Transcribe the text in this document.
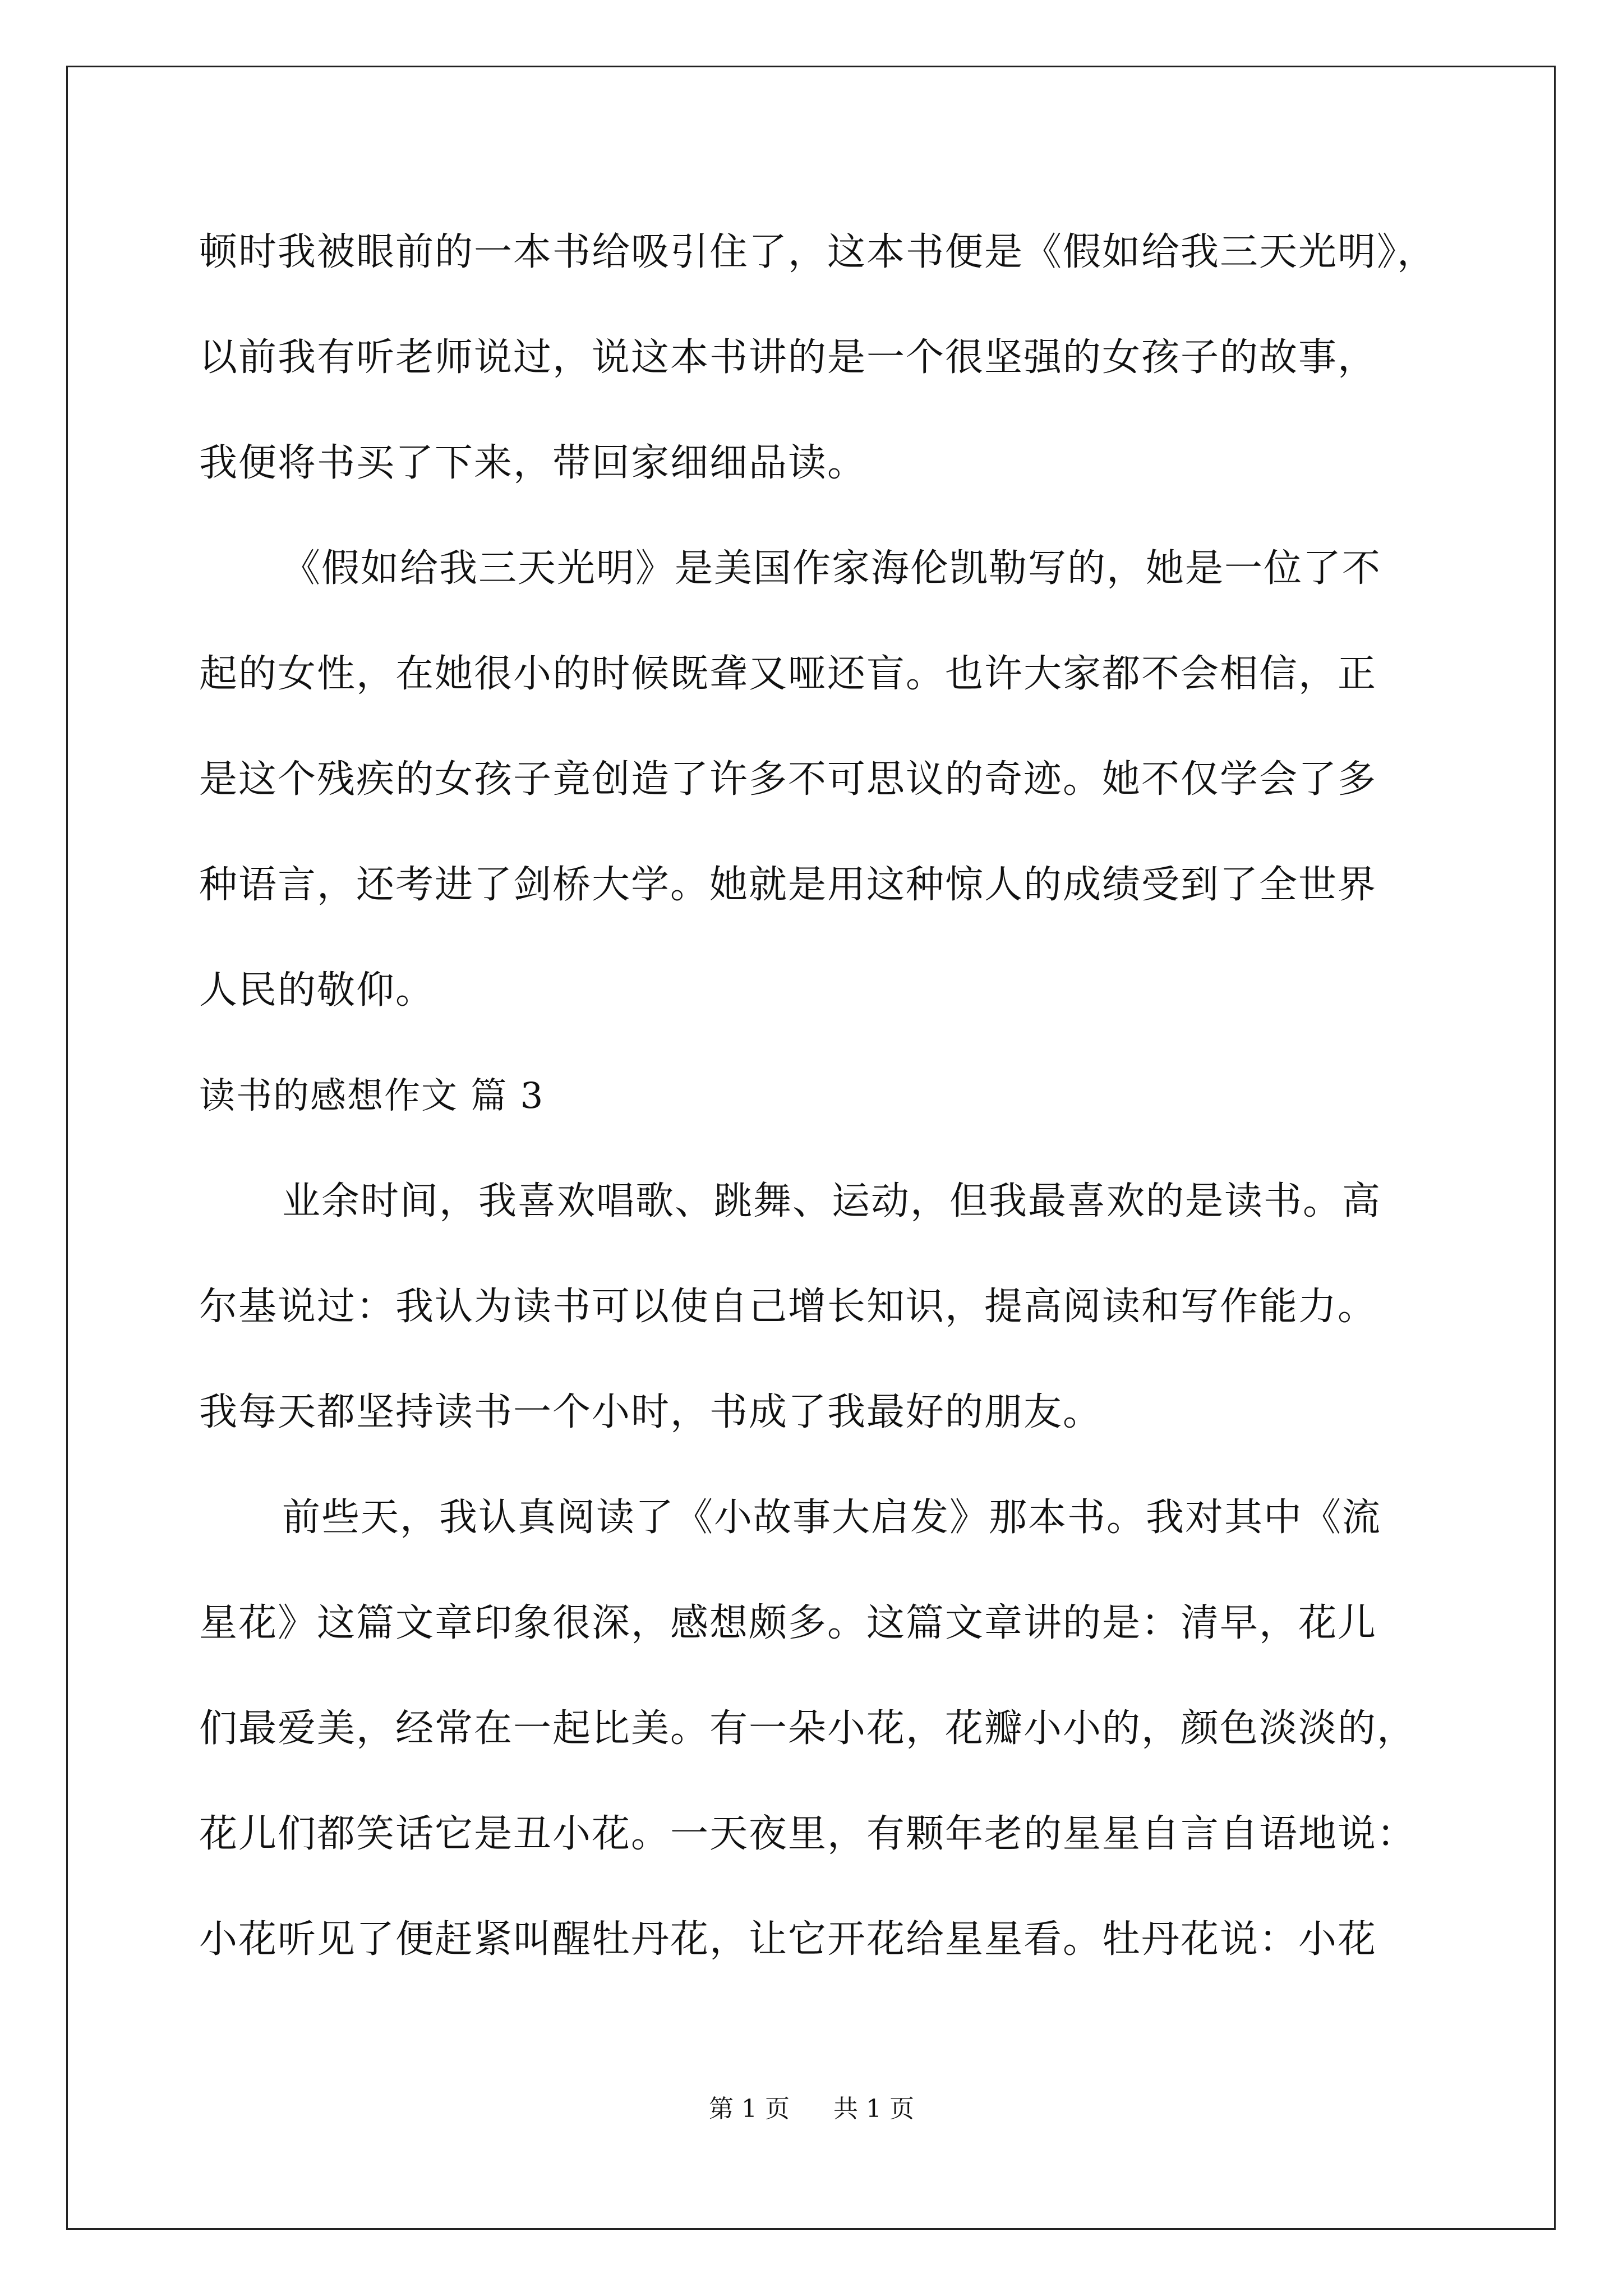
顿时我被眼前的一本书给吸引住了，这本书便是《假如给我三天光明》，
以前我有听老师说过，说这本书讲的是一个很坚强的女孩子的故事，
我便将书买了下来，带回家细细品读。
《假如给我三天光明》是美国作家海伦凯勒写的，她是一位了不
起的女性，在她很小的时候既聋又哑还盲。也许大家都不会相信，正
是这个残疾的女孩子竟创造了许多不可思议的奇迹。她不仅学会了多
种语言，还考进了剑桥大学。她就是用这种惊人的成绩受到了全世界
人民的敬仰。
读书的感想作文 篇 3
业余时间，我喜欢唱歌、跳舞、运动，但我最喜欢的是读书。高
尔基说过：我认为读书可以使自己增长知识，提高阅读和写作能力。
我每天都坚持读书一个小时，书成了我最好的朋友。
前些天，我认真阅读了《小故事大启发》那本书。我对其中《流
星花》这篇文章印象很深，感想颇多。这篇文章讲的是：清早，花儿
们最爱美，经常在一起比美。有一朵小花，花瓣小小的，颜色淡淡的，
花儿们都笑话它是丑小花。一天夜里，有颗年老的星星自言自语地说：
小花听见了便赶紧叫醒牡丹花，让它开花给星星看。牡丹花说：小花
第 1 页 共 1 页
